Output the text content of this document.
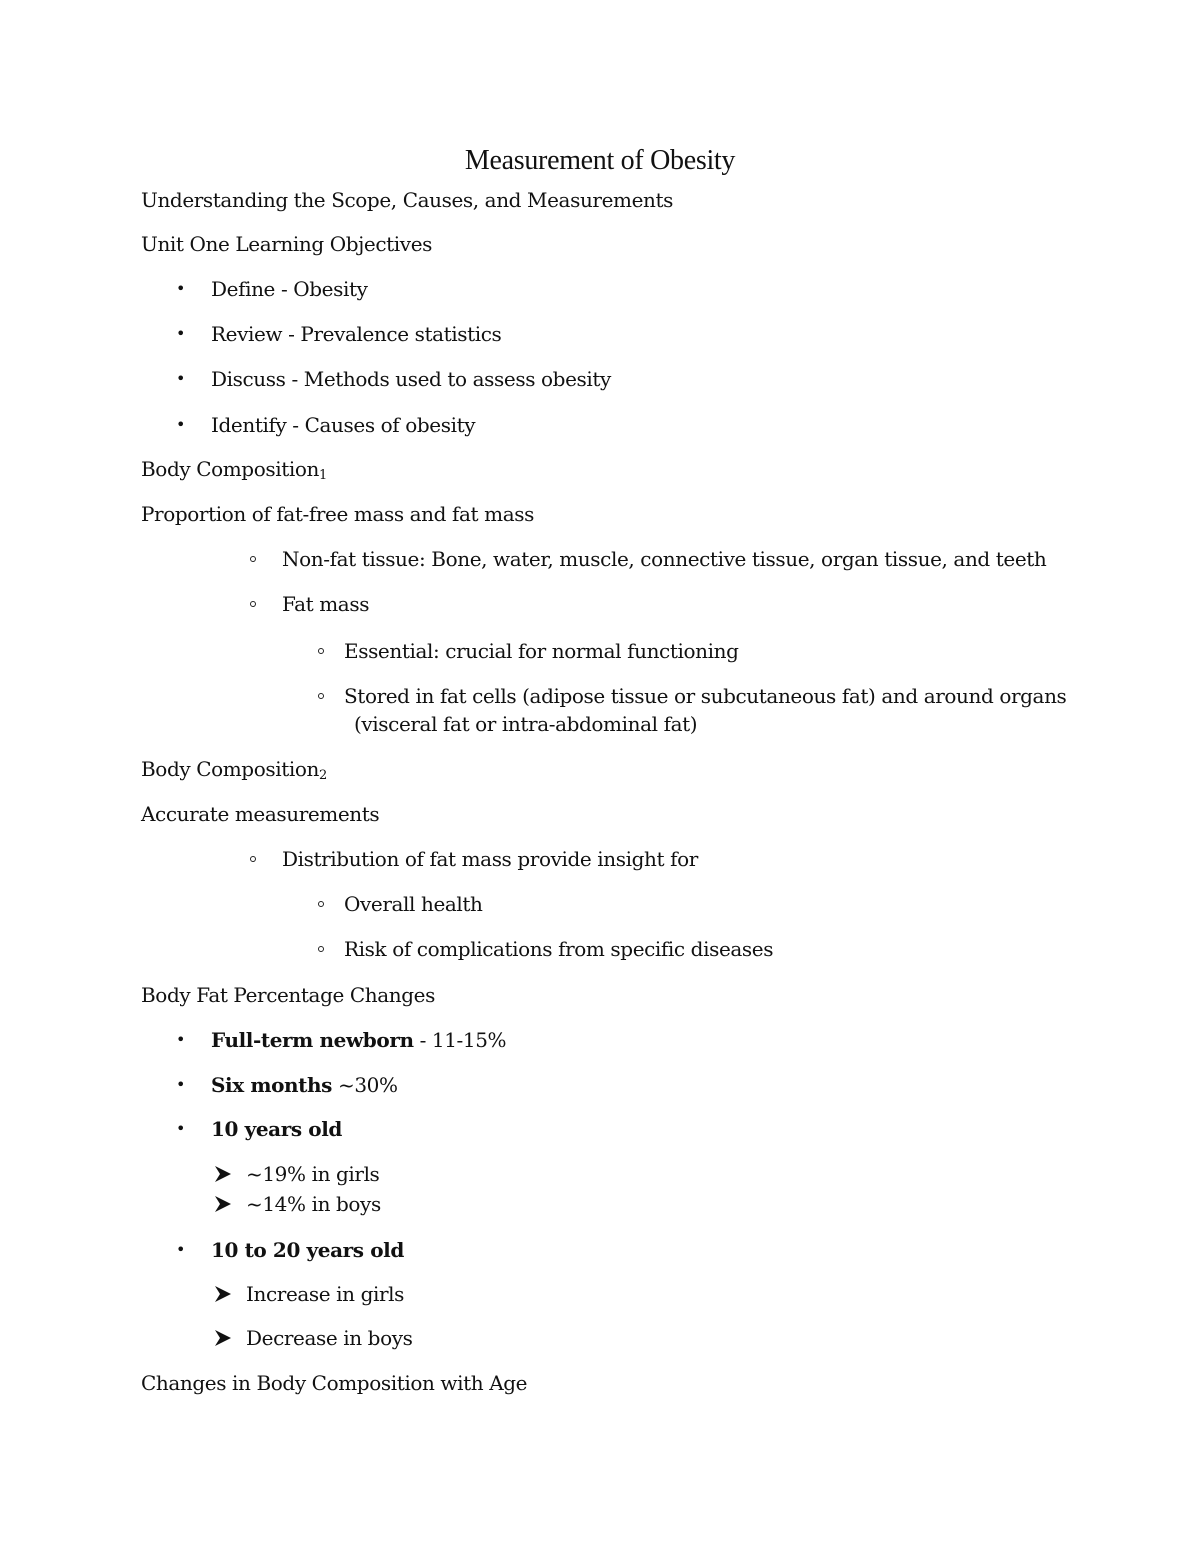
Measurement of Obesity
Understanding the Scope, Causes, and Measurements
Unit One Learning Objectives
• Define - Obesity
• Review - Prevalence statistics
• Discuss - Methods used to assess obesity
• Identify - Causes of obesity
Body Composition1
Proportion of fat-free mass and fat mass
Non-fat tissue: Bone, water, muscle, connective tissue, organ tissue, and teeth
Fat mass
Essential: crucial for normal functioning
Stored in fat cells (adipose tissue or subcutaneous fat) and around organs
(visceral fat or intra-abdominal fat)
Body Composition2
Accurate measurements
Distribution of fat mass provide insight for
Overall health
Risk of complications from specific diseases
Body Fat Percentage Changes
• Full-term newborn - 11-15%
• Six months ~30%
• 10 years old
~19% in girls
~14% in boys
• 10 to 20 years old
Increase in girls
Decrease in boys
Changes in Body Composition with Age
